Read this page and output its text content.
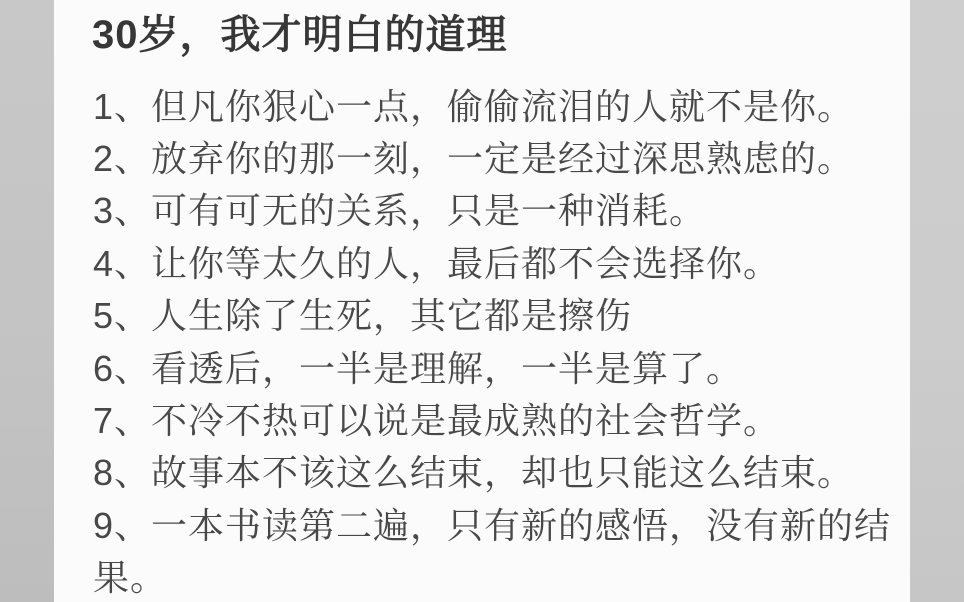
30岁，我才明白的道理
1、但凡你狠心一点，偷偷流泪的人就不是你。
2、放弃你的那一刻，一定是经过深思熟虑的。
3、可有可无的关系，只是一种消耗。
4、让你等太久的人，最后都不会选择你。
5、人生除了生死，其它都是擦伤
6、看透后，一半是理解，一半是算了。
7、不冷不热可以说是最成熟的社会哲学。
8、故事本不该这么结束，却也只能这么结束。
9、一本书读第二遍，只有新的感悟，没有新的结
果。
